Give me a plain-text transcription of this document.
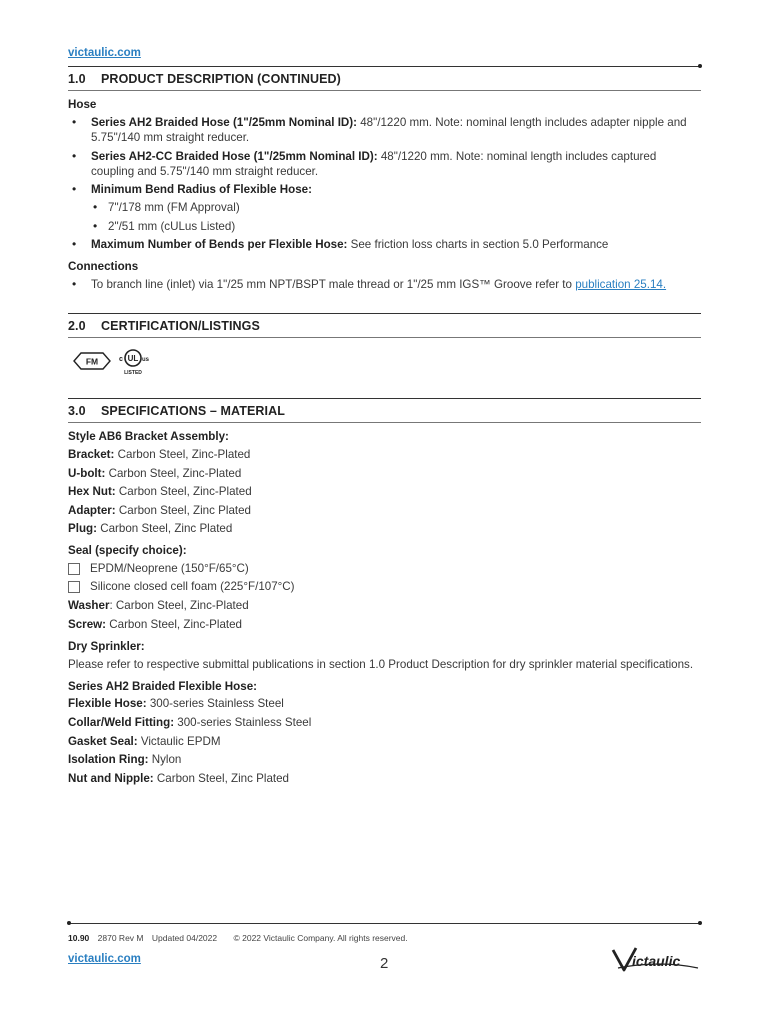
victaulic.com
1.0 PRODUCT DESCRIPTION (CONTINUED)
Hose
• Series AH2 Braided Hose (1"/25mm Nominal ID): 48"/1220 mm. Note: nominal length includes adapter nipple and 5.75"/140 mm straight reducer.
• Series AH2-CC Braided Hose (1"/25mm Nominal ID): 48"/1220 mm. Note: nominal length includes captured coupling and 5.75"/140 mm straight reducer.
• Minimum Bend Radius of Flexible Hose:
• 7"/178 mm (FM Approval)
• 2"/51 mm (cULus Listed)
• Maximum Number of Bends per Flexible Hose: See friction loss charts in section 5.0 Performance
Connections
• To branch line (inlet) via 1"/25 mm NPT/BSPT male thread or 1"/25 mm IGS™ Groove refer to publication 25.14.
2.0 CERTIFICATION/LISTINGS
FM	c UL us
LISTED
3.0 SPECIFICATIONS – MATERIAL
Style AB6 Bracket Assembly:
Bracket: Carbon Steel, Zinc-Plated
U-bolt: Carbon Steel, Zinc-Plated
Hex Nut: Carbon Steel, Zinc-Plated
Adapter: Carbon Steel, Zinc Plated
Plug: Carbon Steel, Zinc Plated
Seal (specify choice):
EPDM/Neoprene (150°F/65°C)
Silicone closed cell foam (225°F/107°C)
Washer: Carbon Steel, Zinc-Plated
Screw: Carbon Steel, Zinc-Plated
Dry Sprinkler:
Please refer to respective submittal publications in section 1.0 Product Description for dry sprinkler material specifications.
Series AH2 Braided Flexible Hose:
Flexible Hose: 300-series Stainless Steel
Collar/Weld Fitting: 300-series Stainless Steel
Gasket Seal: Victaulic EPDM
Isolation Ring: Nylon
Nut and Nipple: Carbon Steel, Zinc Plated
10.90 2870 Rev M Updated 04/2022 © 2022 Victaulic Company. All rights reserved.
victaulic.com	2	ictaulic
